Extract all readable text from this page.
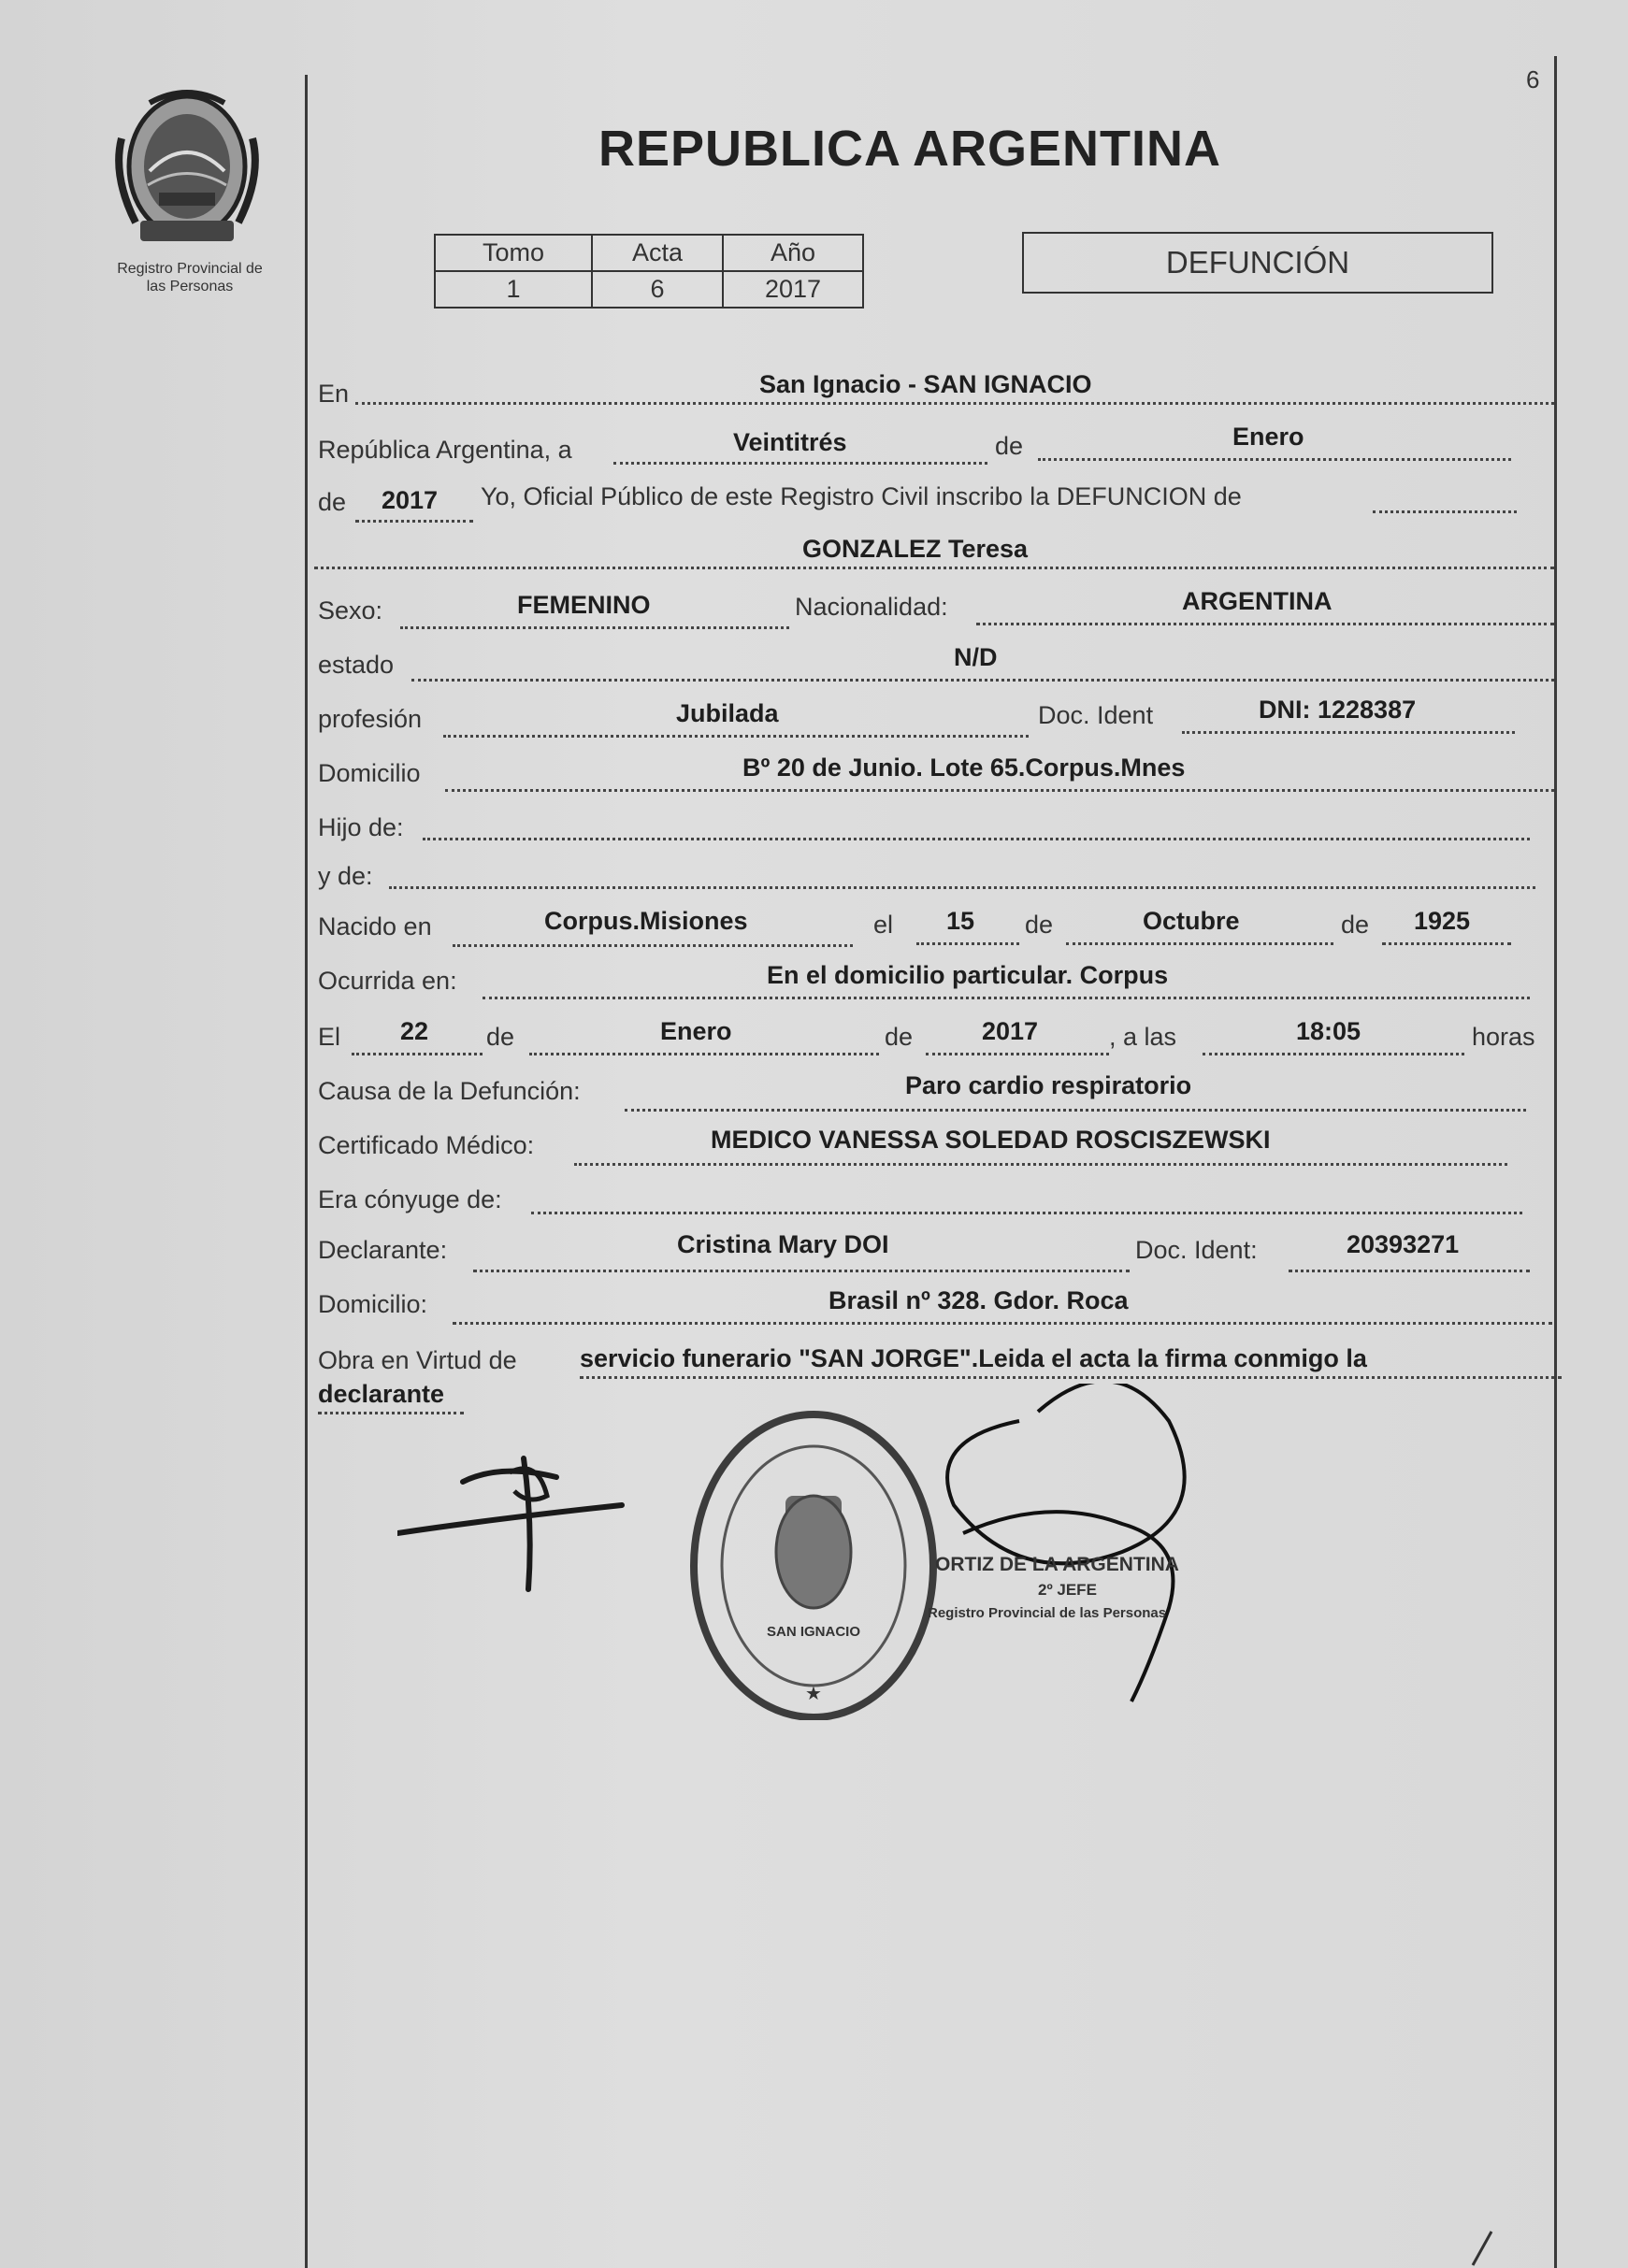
6
Registro Provincial de
las Personas
REPUBLICA ARGENTINA
Tomo	Acta	Año
1	6	2017
DEFUNCIÓN
En	San Ignacio - SAN IGNACIO
República Argentina, a	Veintitrés	de	Enero
de 2017 Yo, Oficial Público de este Registro Civil inscribo la DEFUNCION de
GONZALEZ Teresa
Sexo:	FEMENINO	Nacionalidad:	ARGENTINA
estado	N/D
profesión	Jubilada	Doc. Ident	DNI: 1228387
Domicilio	Bº 20 de Junio. Lote 65.Corpus.Mnes
Hijo de:
y de:
Nacido en	Corpus.Misiones	el 15 de	Octubre	de 1925
Ocurrida en:	En el domicilio particular. Corpus
El 22 de	Enero	de	2017	, a las	18:05	horas
Causa de la Defunción:	Paro cardio respiratorio
Certificado Médico:	MEDICO VANESSA SOLEDAD ROSCISZEWSKI
Era cónyuge de:
Declarante:	Cristina Mary DOI	Doc. Ident:	20393271
Domicilio:	Brasil nº 328. Gdor. Roca
Obra en Virtud de servicio funerario "SAN JORGE".Leida el acta la firma conmigo la
declarante
SAN IGNACIO
★
ORTIZ DE LA ARGENTINA
2º JEFE
Registro Provincial de las Personas
